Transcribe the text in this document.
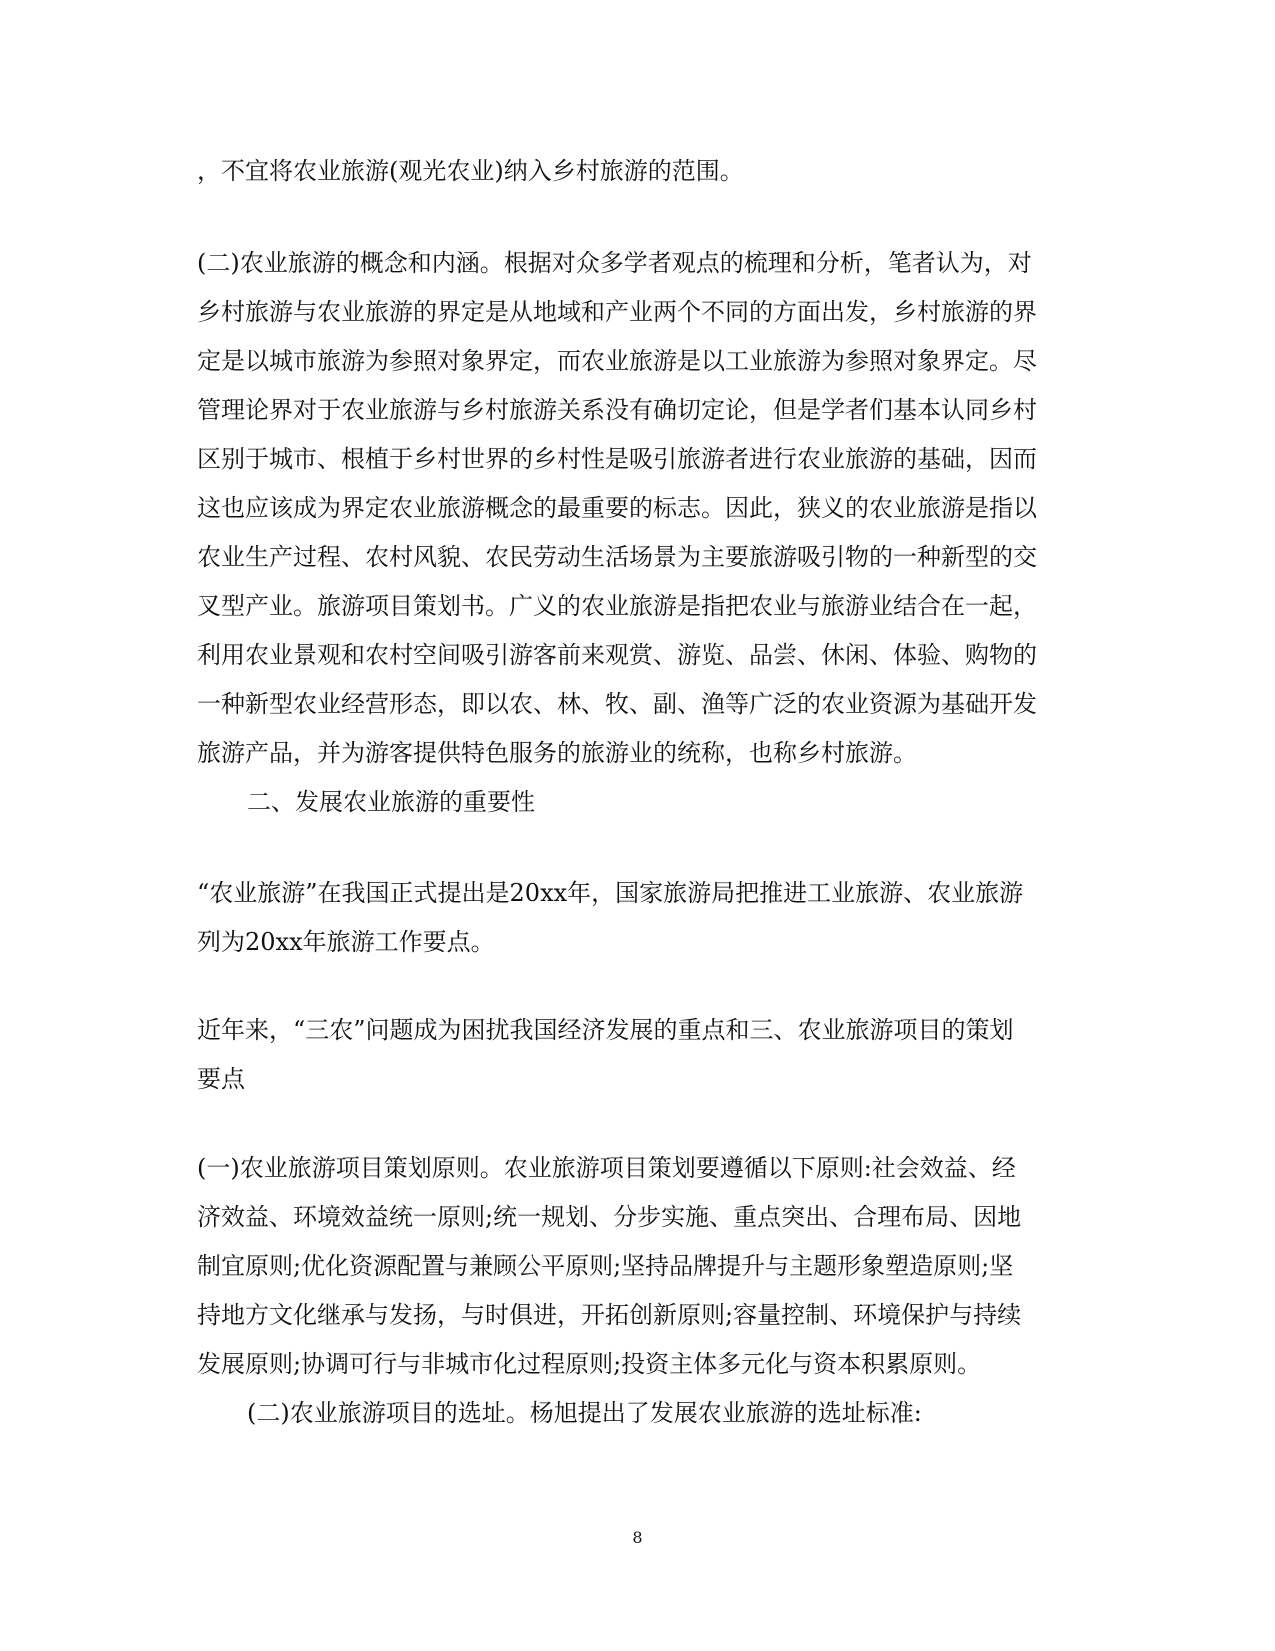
，不宜将农业旅游(观光农业)纳入乡村旅游的范围。
(二)农业旅游的概念和内涵。根据对众多学者观点的梳理和分析，笔者认为，对
乡村旅游与农业旅游的界定是从地域和产业两个不同的方面出发，乡村旅游的界
定是以城市旅游为参照对象界定，而农业旅游是以工业旅游为参照对象界定。尽
管理论界对于农业旅游与乡村旅游关系没有确切定论，但是学者们基本认同乡村
区别于城市、根植于乡村世界的乡村性是吸引旅游者进行农业旅游的基础，因而
这也应该成为界定农业旅游概念的最重要的标志。因此，狭义的农业旅游是指以
农业生产过程、农村风貌、农民劳动生活场景为主要旅游吸引物的一种新型的交
叉型产业。旅游项目策划书。广义的农业旅游是指把农业与旅游业结合在一起，
利用农业景观和农村空间吸引游客前来观赏、游览、品尝、休闲、体验、购物的
一种新型农业经营形态，即以农、林、牧、副、渔等广泛的农业资源为基础开发
旅游产品，并为游客提供特色服务的旅游业的统称，也称乡村旅游。
二、发展农业旅游的重要性
“农业旅游”在我国正式提出是20xx年，国家旅游局把推进工业旅游、农业旅游
列为20xx年旅游工作要点。
近年来，“三农”问题成为困扰我国经济发展的重点和三、农业旅游项目的策划
要点
(一)农业旅游项目策划原则。农业旅游项目策划要遵循以下原则:社会效益、经
济效益、环境效益统一原则;统一规划、分步实施、重点突出、合理布局、因地
制宜原则;优化资源配置与兼顾公平原则;坚持品牌提升与主题形象塑造原则;坚
持地方文化继承与发扬，与时俱进，开拓创新原则;容量控制、环境保护与持续
发展原则;协调可行与非城市化过程原则;投资主体多元化与资本积累原则。
(二)农业旅游项目的选址。杨旭提出了发展农业旅游的选址标准:
8
